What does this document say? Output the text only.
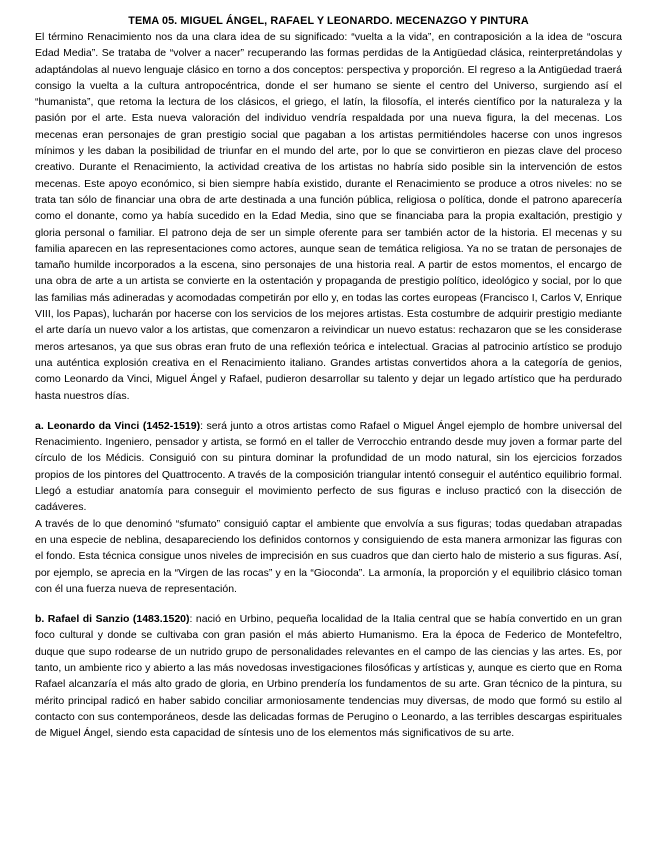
TEMA 05. MIGUEL ÁNGEL, RAFAEL Y LEONARDO. MECENAZGO Y PINTURA

El término Renacimiento nos da una clara idea de su significado: “vuelta a la vida”, en contraposición a la idea de “oscura Edad Media”. Se trataba de “volver a nacer” recuperando las formas perdidas de la Antigüedad clásica, reinterpretándolas y adaptándolas al nuevo lenguaje clásico en torno a dos conceptos: perspectiva y proporción. El regreso a la Antigüedad traerá consigo la vuelta a la cultura antropocéntrica, donde el ser humano se siente el centro del Universo, surgiendo así el “humanista”, que retoma la lectura de los clásicos, el griego, el latín, la filosofía, el interés científico por la naturaleza y la pasión por el arte. Esta nueva valoración del individuo vendría respaldada por una nueva figura, la del mecenas. Los mecenas eran personajes de gran prestigio social que pagaban a los artistas permitiéndoles hacerse con unos ingresos mínimos y les daban la posibilidad de triunfar en el mundo del arte, por lo que se convirtieron en piezas clave del proceso creativo. Durante el Renacimiento, la actividad creativa de los artistas no habría sido posible sin la intervención de estos mecenas. Este apoyo económico, si bien siempre había existido, durante el Renacimiento se produce a otros niveles: no se trata tan sólo de financiar una obra de arte destinada a una función pública, religiosa o política, donde el patrono aparecería como el donante, como ya había sucedido en la Edad Media, sino que se financiaba para la propia exaltación, prestigio y gloria personal o familiar. El patrono deja de ser un simple oferente para ser también actor de la historia. El mecenas y su familia aparecen en las representaciones como actores, aunque sean de temática religiosa. Ya no se tratan de personajes de tamaño humilde incorporados a la escena, sino personajes de una historia real. A partir de estos momentos, el encargo de una obra de arte a un artista se convierte en la ostentación y propaganda de prestigio político, ideológico y social, por lo que las familias más adineradas y acomodadas competirán por ello y, en todas las cortes europeas (Francisco I, Carlos V, Enrique VIII, los Papas), lucharán por hacerse con los servicios de los mejores artistas. Esta costumbre de adquirir prestigio mediante el arte daría un nuevo valor a los artistas, que comenzaron a reivindicar un nuevo estatus: rechazaron que se les considerase meros artesanos, ya que sus obras eran fruto de una reflexión teórica e intelectual. Gracias al patrocinio artístico se produjo una auténtica explosión creativa en el Renacimiento italiano. Grandes artistas convertidos ahora a la categoría de genios, como Leonardo da Vinci, Miguel Ángel y Rafael, pudieron desarrollar su talento y dejar un legado artístico que ha perdurado hasta nuestros días.

a. Leonardo da Vinci (1452-1519): será junto a otros artistas como Rafael o Miguel Ángel ejemplo de hombre universal del Renacimiento. Ingeniero, pensador y artista, se formó en el taller de Verrocchio entrando desde muy joven a formar parte del círculo de los Médicis. Consiguió con su pintura dominar la profundidad de un modo natural, sin los ejercicios forzados propios de los pintores del Quattrocento. A través de la composición triangular intentó conseguir el auténtico equilibrio formal. Llegó a estudiar anatomía para conseguir el movimiento perfecto de sus figuras e incluso practicó con la disección de cadáveres.

A través de lo que denominó “sfumato” consiguió captar el ambiente que envolvía a sus figuras; todas quedaban atrapadas en una especie de neblina, desapareciendo los definidos contornos y consiguiendo de esta manera armonizar las figuras con el fondo. Esta técnica consigue unos niveles de imprecisión en sus cuadros que dan cierto halo de misterio a sus figuras. Así, por ejemplo, se aprecia en la “Virgen de las rocas” y en la “Gioconda”. La armonía, la proporción y el equilibrio clásico toman con él una fuerza nueva de representación.

b. Rafael di Sanzio (1483.1520): nació en Urbino, pequeña localidad de la Italia central que se había convertido en un gran foco cultural y donde se cultivaba con gran pasión el más abierto Humanismo. Era la época de Federico de Montefeltro, duque que supo rodearse de un nutrido grupo de personalidades relevantes en el campo de las ciencias y las artes. Es, por tanto, un ambiente rico y abierto a las más novedosas investigaciones filosóficas y artísticas y, aunque es cierto que en Roma Rafael alcanzaría el más alto grado de gloria, en Urbino prendería los fundamentos de su arte. Gran técnico de la pintura, su mérito principal radicó en haber sabido conciliar armoniosamente tendencias muy diversas, de modo que formó su estilo al contacto con sus contemporáneos, desde las delicadas formas de Perugino o Leonardo, a las terribles descargas espirituales de Miguel Ángel, siendo esta capacidad de síntesis uno de los elementos más significativos de su arte.
